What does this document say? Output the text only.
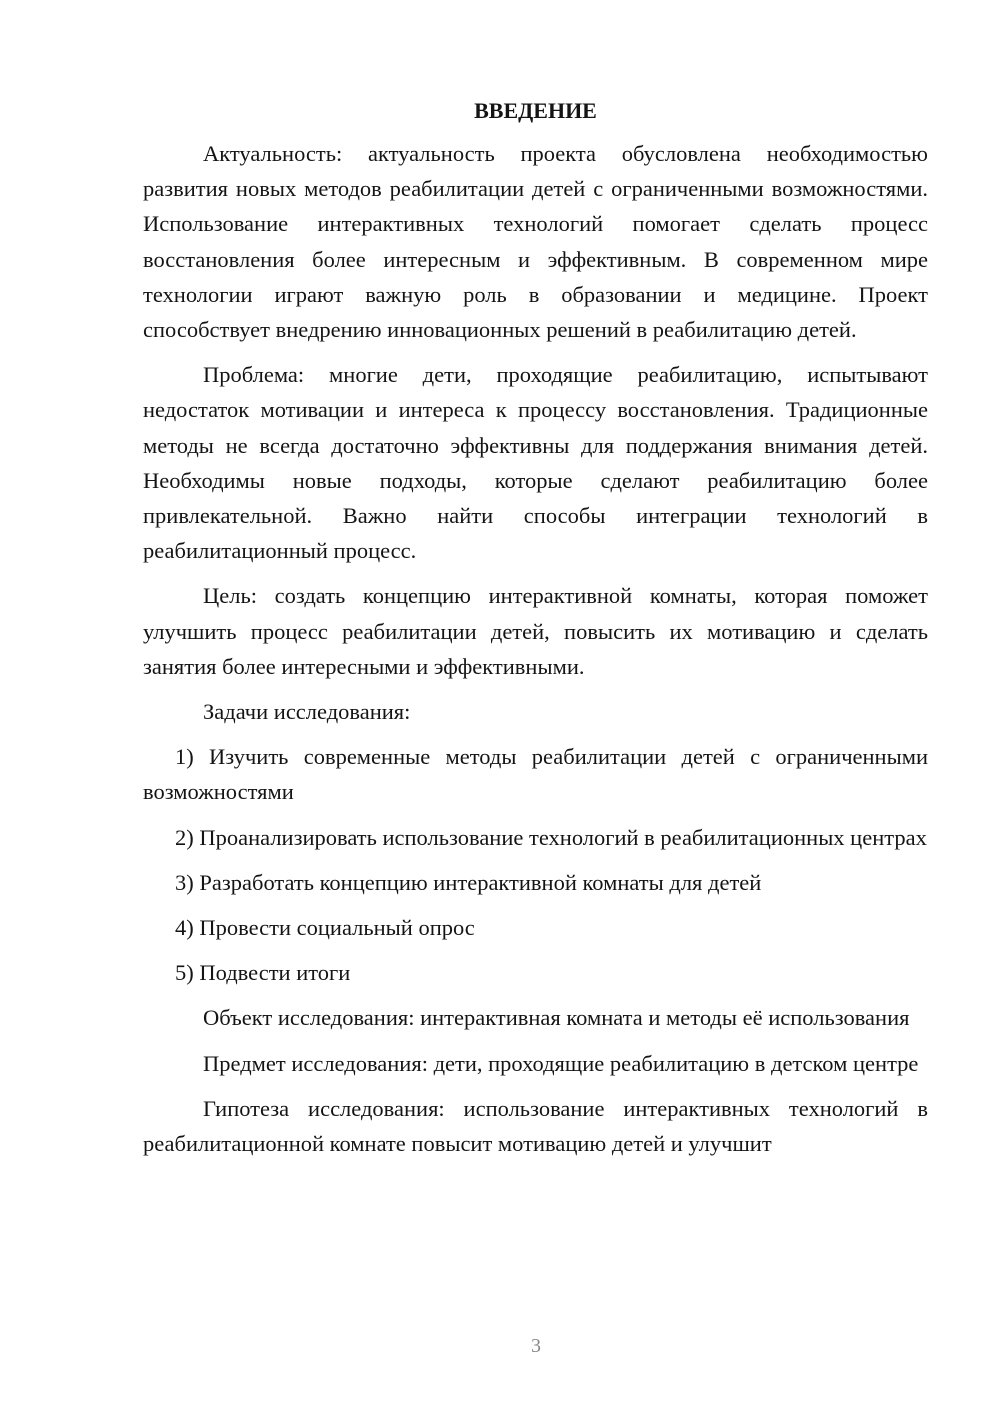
ВВЕДЕНИЕ

Актуальность: актуальность проекта обусловлена необходимостью развития новых методов реабилитации детей с ограниченными возможностями. Использование интерактивных технологий помогает сделать процесс восстановления более интересным и эффективным. В современном мире технологии играют важную роль в образовании и медицине. Проект способствует внедрению инновационных решений в реабилитацию детей.

Проблема: многие дети, проходящие реабилитацию, испытывают недостаток мотивации и интереса к процессу восстановления. Традиционные методы не всегда достаточно эффективны для поддержания внимания детей. Необходимы новые подходы, которые сделают реабилитацию более привлекательной. Важно найти способы интеграции технологий в реабилитационный процесс.

Цель: создать концепцию интерактивной комнаты, которая поможет улучшить процесс реабилитации детей, повысить их мотивацию и сделать занятия более интересными и эффективными.

Задачи исследования:

1) Изучить современные методы реабилитации детей с ограниченными возможностями

2) Проанализировать использование технологий в реабилитационных центрах

3) Разработать концепцию интерактивной комнаты для детей

4) Провести социальный опрос

5) Подвести итоги

Объект исследования: интерактивная комната и методы её использования

Предмет исследования: дети, проходящие реабилитацию в детском центре

Гипотеза исследования: использование интерактивных технологий в реабилитационной комнате повысит мотивацию детей и улучшит

3
